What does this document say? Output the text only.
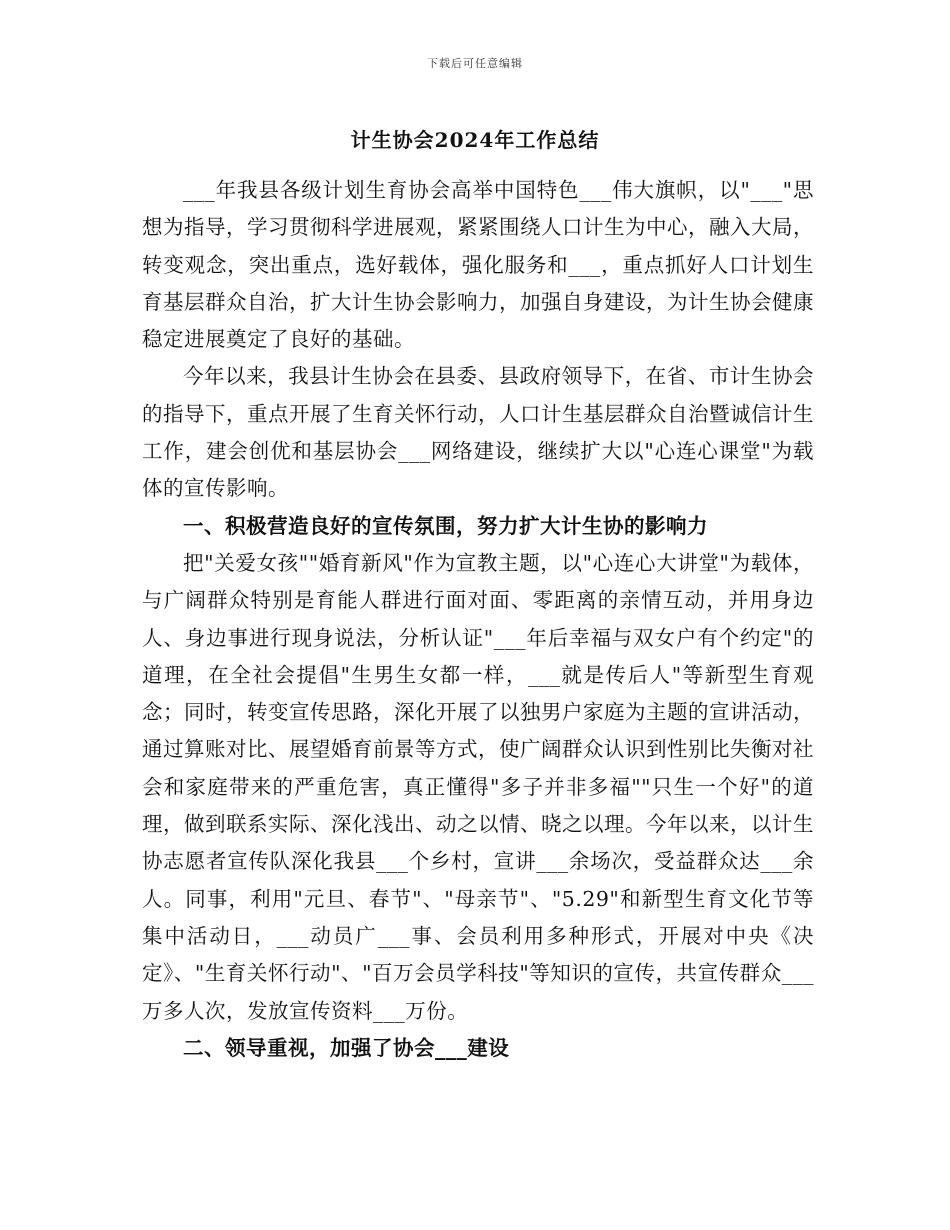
下载后可任意编辑
计生协会2024年工作总结

___年我县各级计划生育协会高举中国特色___伟大旗帜，以"___"思想为指导，学习贯彻科学进展观，紧紧围绕人口计生为中心，融入大局，转变观念，突出重点，选好载体，强化服务和___，重点抓好人口计划生育基层群众自治，扩大计生协会影响力，加强自身建设，为计生协会健康稳定进展奠定了良好的基础。

今年以来，我县计生协会在县委、县政府领导下，在省、市计生协会的指导下，重点开展了生育关怀行动，人口计生基层群众自治暨诚信计生工作，建会创优和基层协会___网络建设，继续扩大以"心连心课堂"为载体的宣传影响。

一、积极营造良好的宣传氛围，努力扩大计生协的影响力

把"关爱女孩""婚育新风"作为宣教主题，以"心连心大讲堂"为载体，与广阔群众特别是育能人群进行面对面、零距离的亲情互动，并用身边人、身边事进行现身说法，分析认证"___年后幸福与双女户有个约定"的道理，在全社会提倡"生男生女都一样，___就是传后人"等新型生育观念；同时，转变宣传思路，深化开展了以独男户家庭为主题的宣讲活动，通过算账对比、展望婚育前景等方式，使广阔群众认识到性别比失衡对社会和家庭带来的严重危害，真正懂得"多子并非多福""只生一个好"的道理，做到联系实际、深化浅出、动之以情、晓之以理。今年以来，以计生协志愿者宣传队深化我县___个乡村，宣讲___余场次，受益群众达___余人。同事，利用"元旦、春节"、"母亲节"、"5.29"和新型生育文化节等集中活动日，___动员广___事、会员利用多种形式，开展对中央《决定》、"生育关怀行动"、"百万会员学科技"等知识的宣传，共宣传群众___万多人次，发放宣传资料___万份。

二、领导重视，加强了协会___建设
